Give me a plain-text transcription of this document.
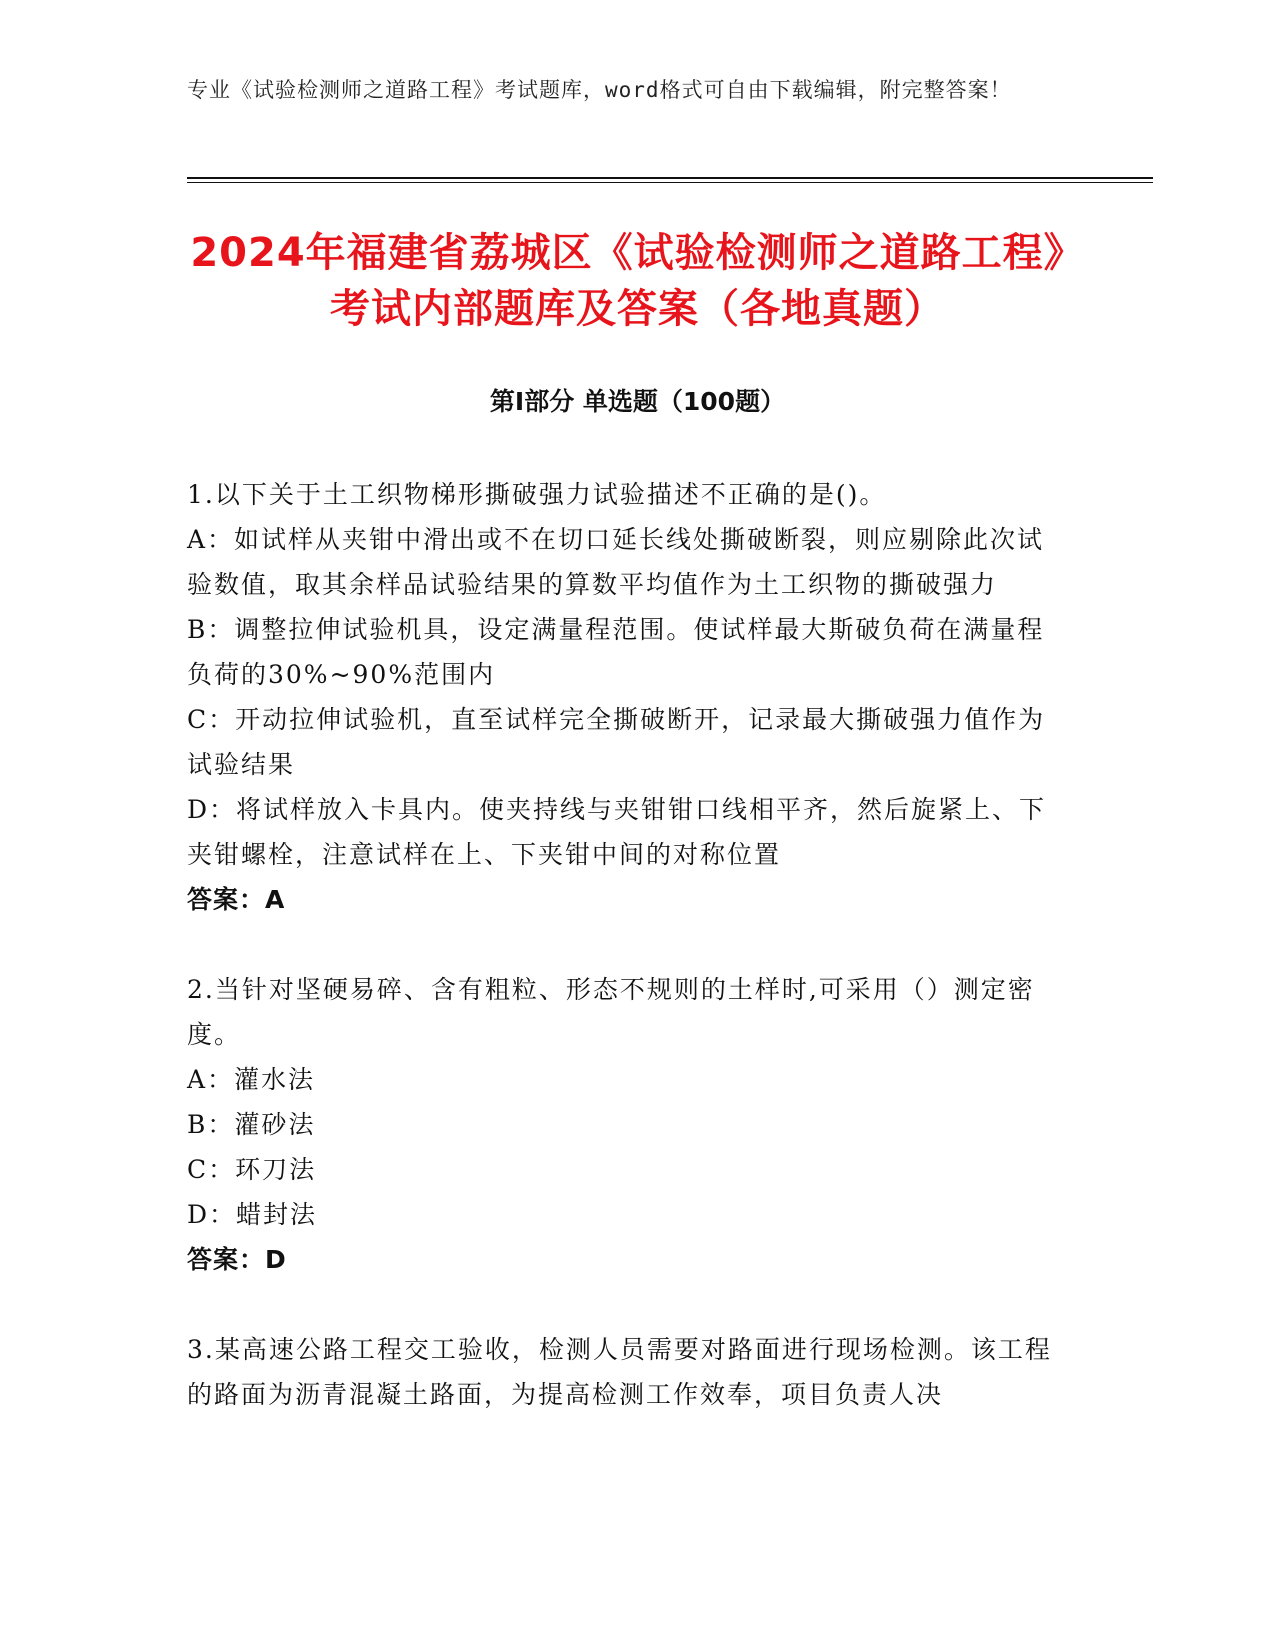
专业《试验检测师之道路工程》考试题库，word格式可自由下载编辑，附完整答案！
2024年福建省荔城区《试验检测师之道路工程》考试内部题库及答案（各地真题）
第Ⅰ部分 单选题（100题）

1.以下关于土工织物梯形撕破强力试验描述不正确的是()。

A：如试样从夹钳中滑出或不在切口延长线处撕破断裂，则应剔除此次试验数值，取其余样品试验结果的算数平均值作为土工织物的撕破强力

B：调整拉伸试验机具，设定满量程范围。使试样最大斯破负荷在满量程负荷的30%~90%范围内

C：开动拉伸试验机，直至试样完全撕破断开，记录最大撕破强力值作为试验结果

D：将试样放入卡具内。使夹持线与夹钳钳口线相平齐，然后旋紧上、下夹钳螺栓，注意试样在上、下夹钳中间的对称位置

答案：A

2.当针对坚硬易碎、含有粗粒、形态不规则的土样时,可采用（）测定密度。

A：灌水法

B：灌砂法

C：环刀法

D：蜡封法

答案：D

3.某高速公路工程交工验收，检测人员需要对路面进行现场检测。该工程的路面为沥青混凝土路面，为提高检测工作效奉，项目负责人决
